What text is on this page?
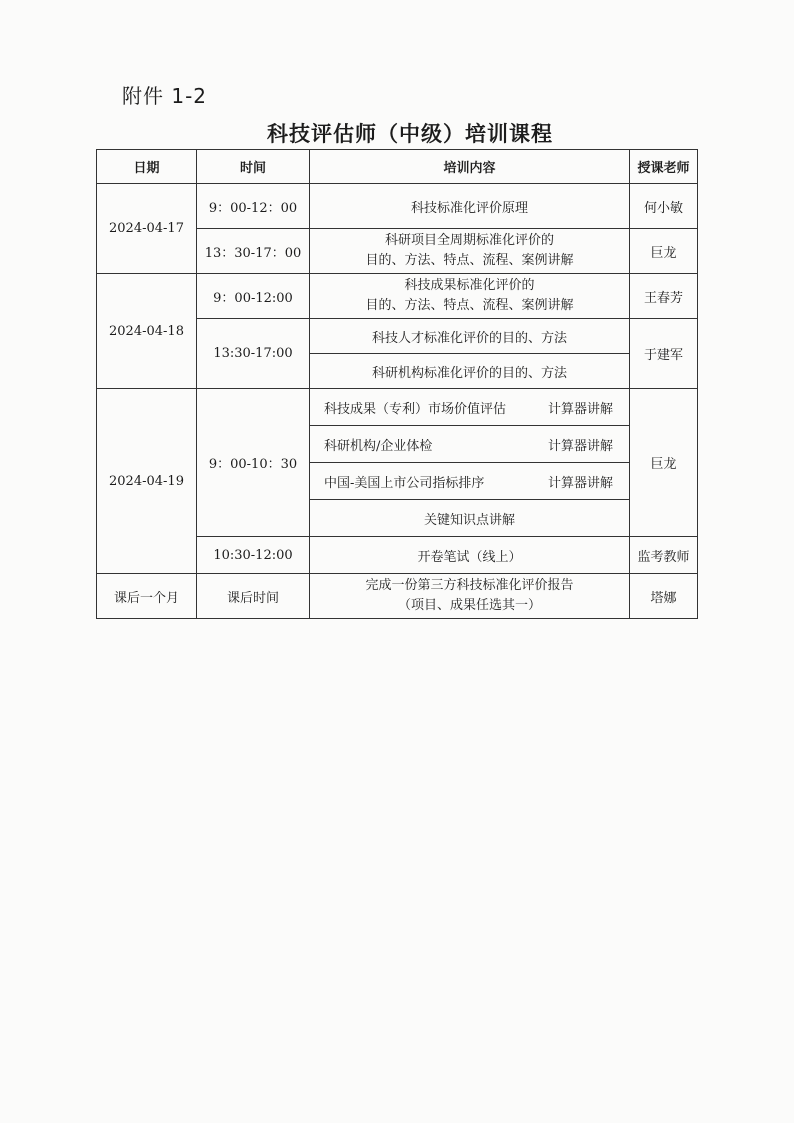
附件 1-2
科技评估师（中级）培训课程
日期	时间	培训内容	授课老师
2024-04-17	9：00-12：00	科技标准化评价原理	何小敏
	13：30-17：00	科研项目全周期标准化评价的
目的、方法、特点、流程、案例讲解	巨龙
2024-04-18	9：00-12:00	科技成果标准化评价的
目的、方法、特点、流程、案例讲解	王春芳
	13:30-17:00	科技人才标准化评价的目的、方法	于建军
		科研机构标准化评价的目的、方法	
2024-04-19	9：00-10：30	科技成果（专利）市场价值评估 计算器讲解	巨龙

		科研机构/企业体检 计算器讲解	

		中国-美国上市公司指标排序 计算器讲解	

		关键知识点讲解	
	10:30-12:00	开卷笔试（线上）	监考教师
课后一个月	课后时间	完成一份第三方科技标准化评价报告
（项目、成果任选其一）	塔娜
